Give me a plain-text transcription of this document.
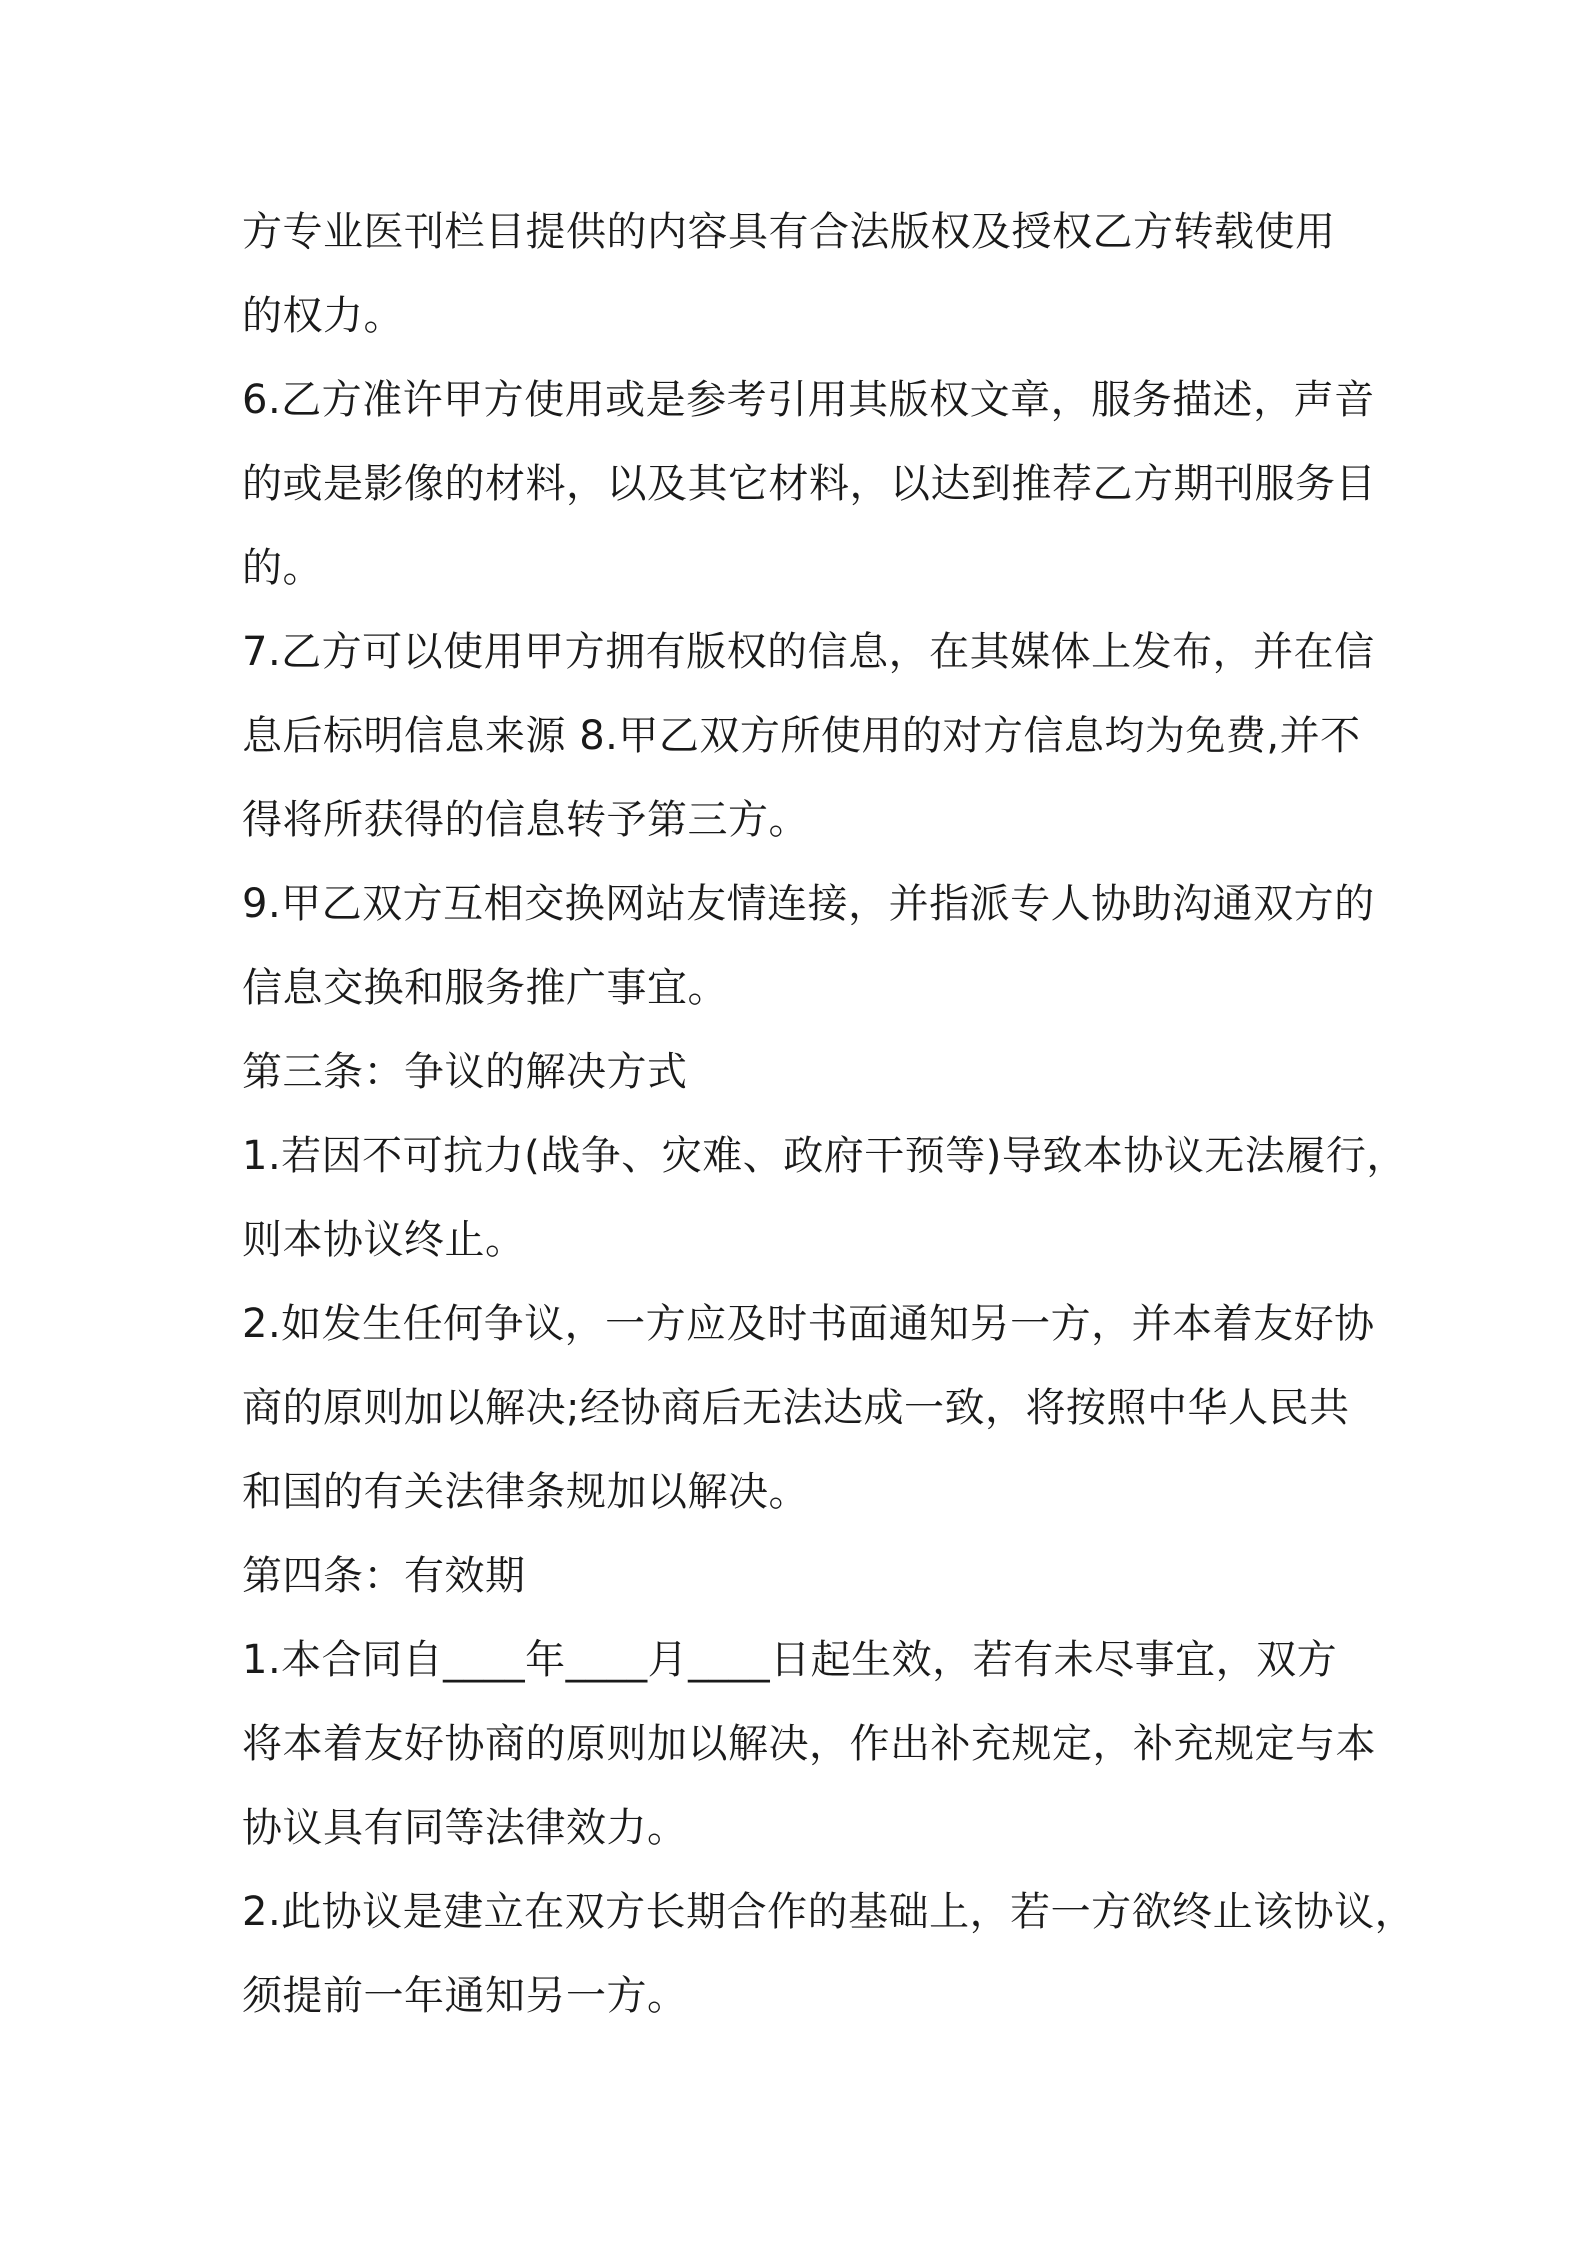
方专业医刊栏目提供的内容具有合法版权及授权乙方转载使用
的权力。
6.乙方准许甲方使用或是参考引用其版权文章，服务描述，声音
的或是影像的材料，以及其它材料，以达到推荐乙方期刊服务目
的。
7.乙方可以使用甲方拥有版权的信息，在其媒体上发布，并在信
息后标明信息来源 8.甲乙双方所使用的对方信息均为免费,并不
得将所获得的信息转予第三方。
9.甲乙双方互相交换网站友情连接，并指派专人协助沟通双方的
信息交换和服务推广事宜。
第三条：争议的解决方式
1.若因不可抗力(战争、灾难、政府干预等)导致本协议无法履行，
则本协议终止。
2.如发生任何争议，一方应及时书面通知另一方，并本着友好协
商的原则加以解决;经协商后无法达成一致，将按照中华人民共
和国的有关法律条规加以解决。
第四条：有效期
1.本合同自____年____月____日起生效，若有未尽事宜，双方
将本着友好协商的原则加以解决，作出补充规定，补充规定与本
协议具有同等法律效力。
2.此协议是建立在双方长期合作的基础上，若一方欲终止该协议，
须提前一年通知另一方。
